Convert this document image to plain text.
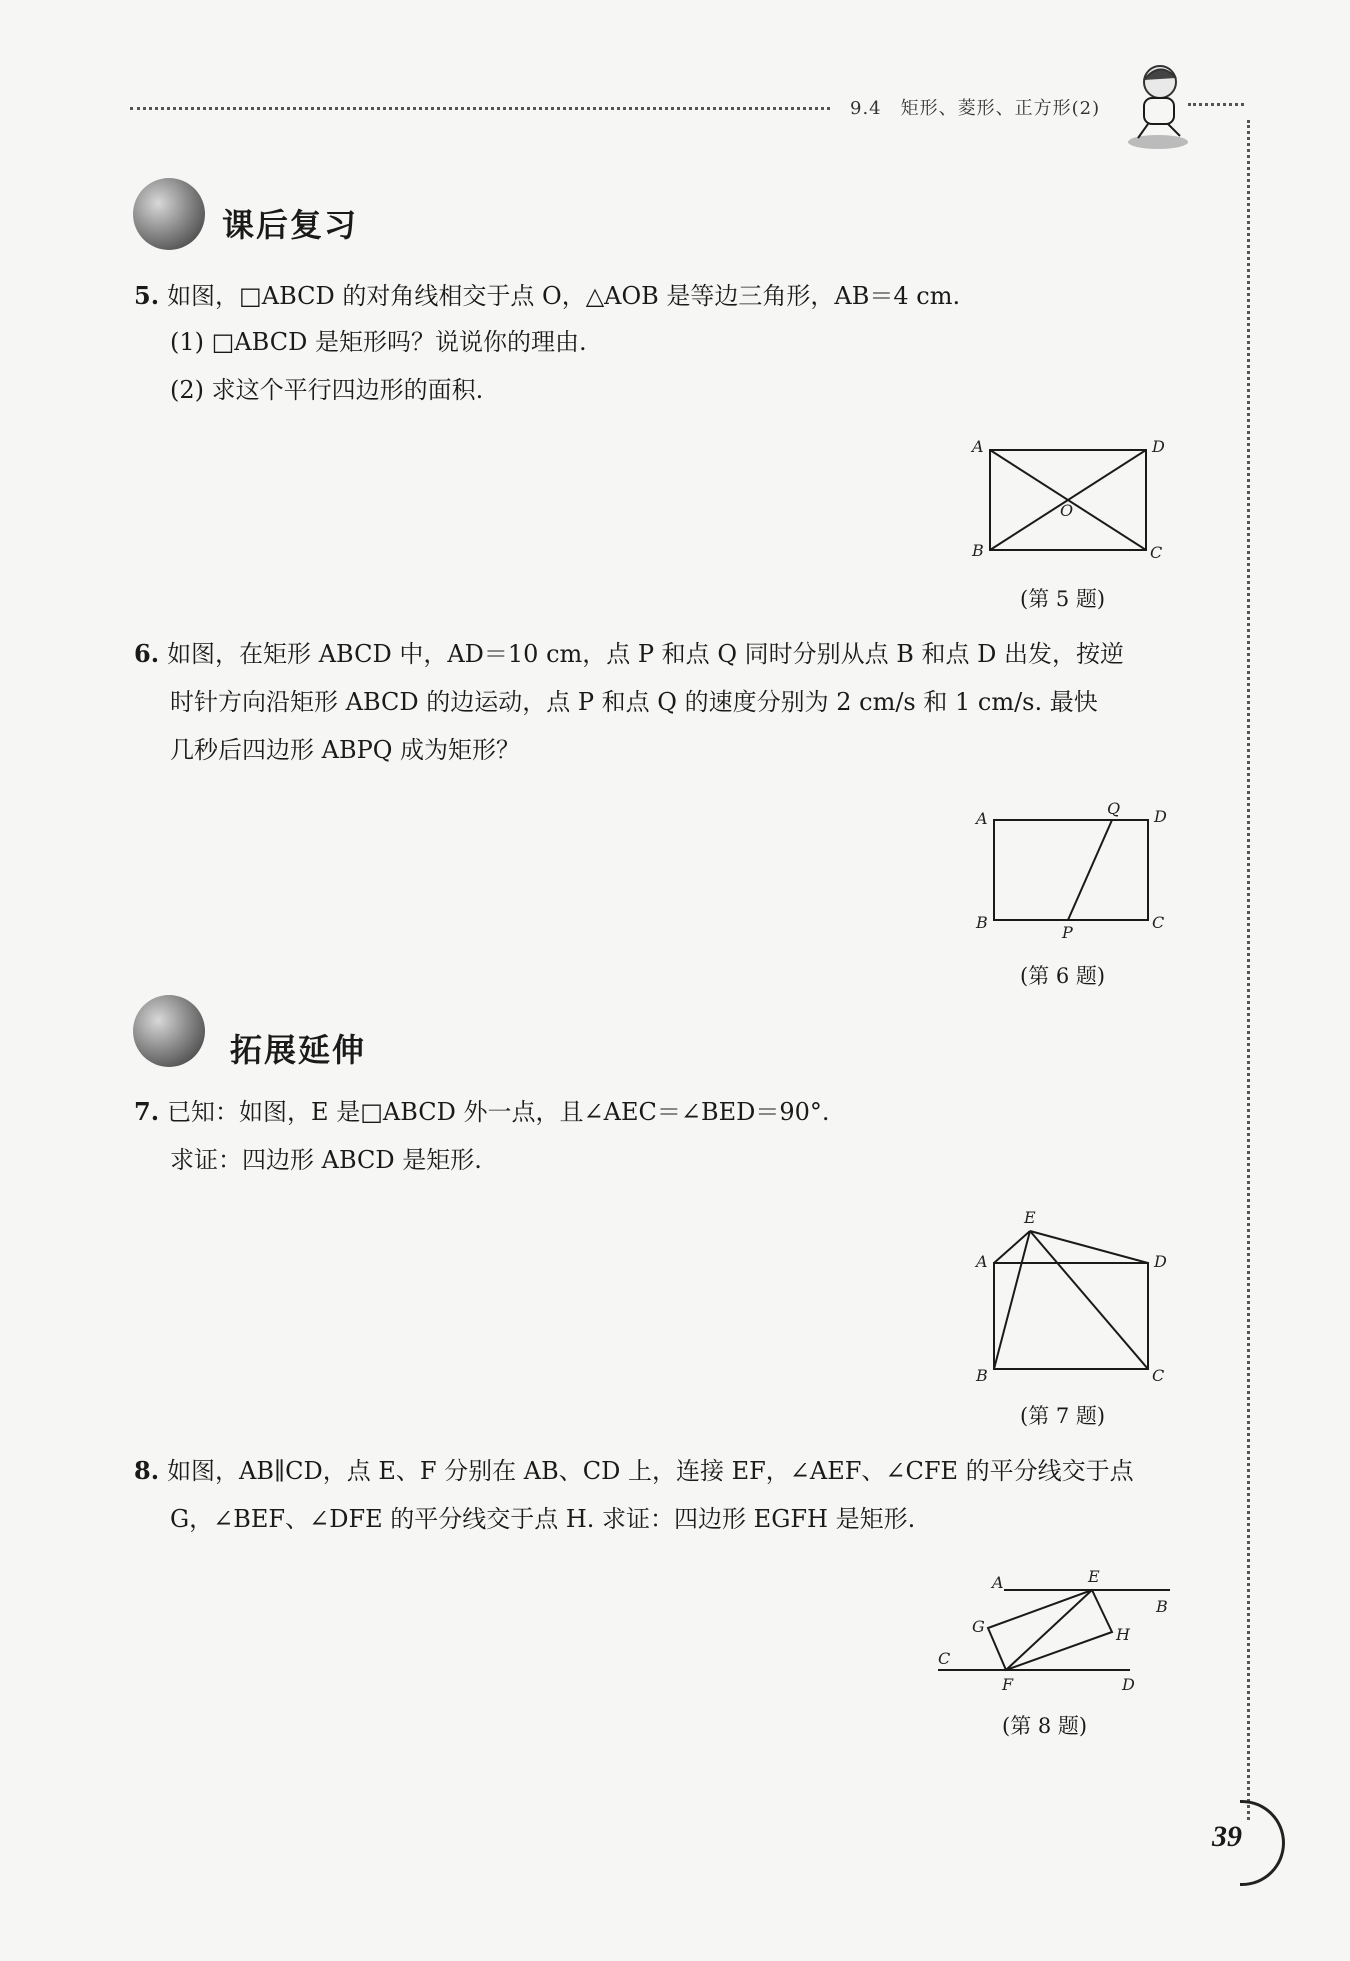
9.4　矩形、菱形、正方形(2)
课后复习
5. 如图，□ABCD 的对角线相交于点 O，△AOB 是等边三角形，AB＝4 cm.
(1) □ABCD 是矩形吗？说说你的理由.
(2) 求这个平行四边形的面积.
A	D
B	C
O
(第 5 题)
6. 如图，在矩形 ABCD 中，AD＝10 cm，点 P 和点 Q 同时分别从点 B 和点 D 出发，按逆
时针方向沿矩形 ABCD 的边运动，点 P 和点 Q 的速度分别为 2 cm/s 和 1 cm/s. 最快
几秒后四边形 ABPQ 成为矩形？
A	D
Q
B	C
P
(第 6 题)
拓展延伸
7. 已知：如图，E 是□ABCD 外一点，且∠AEC＝∠BED＝90°.
求证：四边形 ABCD 是矩形.
E
A	D
B	C
(第 7 题)
8. 如图，AB∥CD，点 E、F 分别在 AB、CD 上，连接 EF，∠AEF、∠CFE 的平分线交于点
G，∠BEF、∠DFE 的平分线交于点 H. 求证：四边形 EGFH 是矩形.
A	E
B
G	H
C
F	D
(第 8 题)
39
